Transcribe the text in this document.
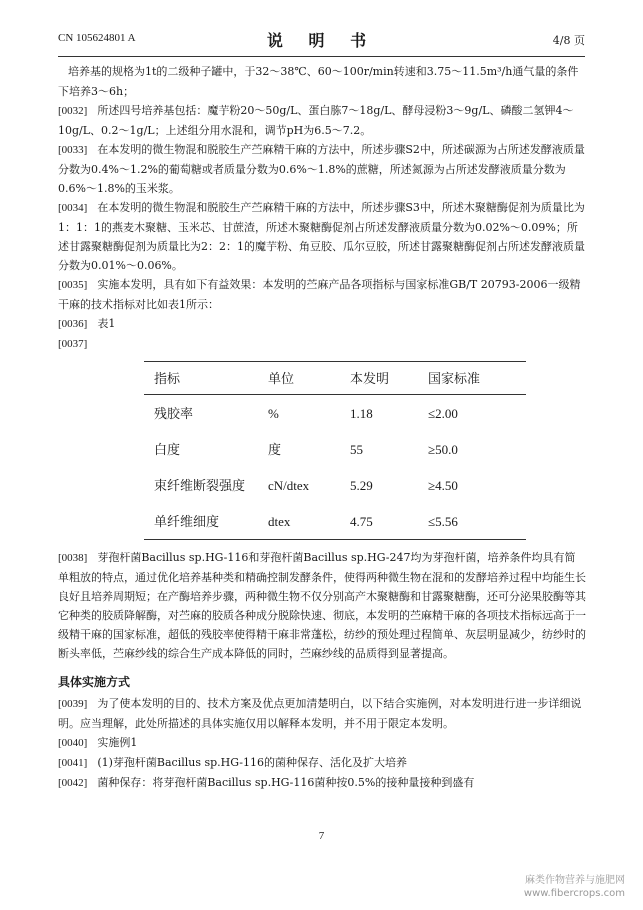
CN 105624801 A	说 明 书	4/8 页

培养基的规格为1t的二级种子罐中，于32～38℃、60～100r/min转速和3.75～11.5m³/h通气量的条件下培养3～6h；

[0032] 所述四号培养基包括：魔芋粉20～50g/L、蛋白胨7～18g/L、酵母浸粉3～9g/L、磷酸二氢钾4～10g/L、0.2～1g/L；上述组分用水混和，调节pH为6.5～7.2。

[0033] 在本发明的微生物混和脱胶生产苎麻精干麻的方法中，所述步骤S2中，所述碳源为占所述发酵液质量分数为0.4%～1.2%的葡萄糖或者质量分数为0.6%～1.8%的蔗糖，所述氮源为占所述发酵液质量分数为0.6%～1.8%的玉米浆。

[0034] 在本发明的微生物混和脱胶生产苎麻精干麻的方法中，所述步骤S3中，所述木聚糖酶促剂为质量比为1：1：1的燕麦木聚糖、玉米芯、甘蔗渣，所述木聚糖酶促剂占所述发酵液质量分数为0.02%～0.09%；所述甘露聚糖酶促剂为质量比为2：2：1的魔芋粉、角豆胶、瓜尔豆胶，所述甘露聚糖酶促剂占所述发酵液质量分数为0.01%～0.06%。

[0035] 实施本发明，具有如下有益效果：本发明的苎麻产品各项指标与国家标准GB/T 20793-2006一级精干麻的技术指标对比如表1所示：

[0036] 表1

[0037]

指标	单位	本发明	国家标准
残胶率	%	1.18	≤2.00
白度	度	55	≥50.0
束纤维断裂强度	cN/dtex	5.29	≥4.50
单纤维细度	dtex	4.75	≤5.56

[0038] 芽孢杆菌Bacillus sp.HG-116和芽孢杆菌Bacillus sp.HG-247均为芽孢杆菌，培养条件均具有简单粗放的特点，通过优化培养基种类和精确控制发酵条件，使得两种微生物在混和的发酵培养过程中均能生长良好且培养周期短；在产酶培养步骤，两种微生物不仅分别高产木聚糖酶和甘露聚糖酶，还可分泌果胶酶等其它种类的胶质降解酶，对苎麻的胶质各种成分脱除快速、彻底，本发明的苎麻精干麻的各项技术指标远高于一级精干麻的国家标准，超低的残胶率使得精干麻非常蓬松，纺纱的预处理过程简单、灰层明显减少，纺纱时的断头率低，苎麻纱线的综合生产成本降低的同时，苎麻纱线的品质得到显著提高。

具体实施方式

[0039] 为了使本发明的目的、技术方案及优点更加清楚明白，以下结合实施例，对本发明进行进一步详细说明。应当理解，此处所描述的具体实施仅用以解释本发明，并不用于限定本发明。

[0040] 实施例1

[0041] (1)芽孢杆菌Bacillus sp.HG-116的菌种保存、活化及扩大培养

[0042] 菌种保存：将芽孢杆菌Bacillus sp.HG-116菌种按0.5%的接种量接种到盛有

7
麻类作物营养与施肥网
www.fibercrops.com
